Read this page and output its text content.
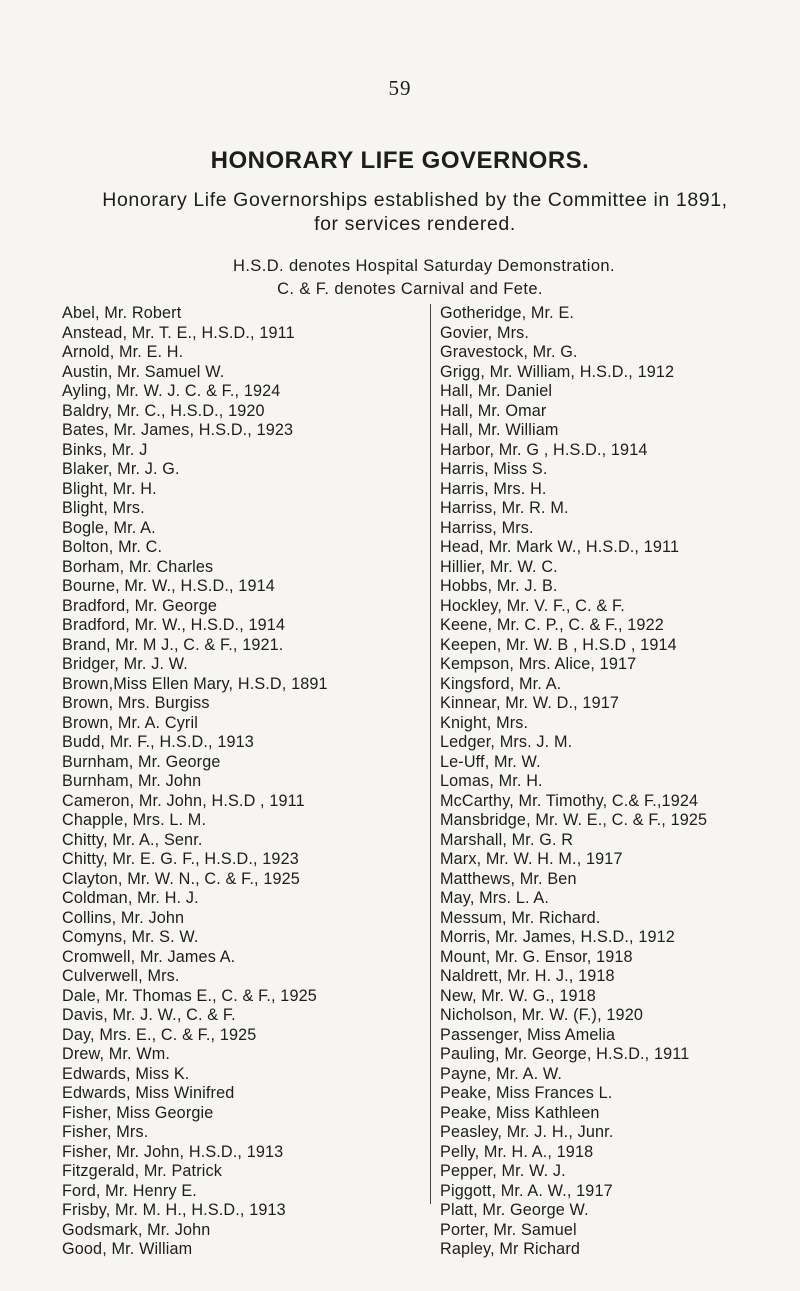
59
HONORARY LIFE GOVERNORS.
Honorary Life Governorships established by the Committee in 1891, for services rendered.
H.S.D. denotes Hospital Saturday Demonstration.
C. & F. denotes Carnival and Fete.
Abel, Mr. Robert
Anstead, Mr. T. E., H.S.D., 1911
Arnold, Mr. E. H.
Austin, Mr. Samuel W.
Ayling, Mr. W. J. C. & F., 1924
Baldry, Mr. C., H.S.D., 1920
Bates, Mr. James, H.S.D., 1923
Binks, Mr. J
Blaker, Mr. J. G.
Blight, Mr. H.
Blight, Mrs.
Bogle, Mr. A.
Bolton, Mr. C.
Borham, Mr. Charles
Bourne, Mr. W., H.S.D., 1914
Bradford, Mr. George
Bradford, Mr. W., H.S.D., 1914
Brand, Mr. M J., C. & F., 1921.
Bridger, Mr. J. W.
Brown,Miss Ellen Mary, H.S.D, 1891
Brown, Mrs. Burgiss
Brown, Mr. A. Cyril
Budd, Mr. F., H.S.D., 1913
Burnham, Mr. George
Burnham, Mr. John
Cameron, Mr. John, H.S.D , 1911
Chapple, Mrs. L. M.
Chitty, Mr. A., Senr.
Chitty, Mr. E. G. F., H.S.D., 1923
Clayton, Mr. W. N., C. & F., 1925
Coldman, Mr. H. J.
Collins, Mr. John
Comyns, Mr. S. W.
Cromwell, Mr. James A.
Culverwell, Mrs.
Dale, Mr. Thomas E., C. & F., 1925
Davis, Mr. J. W., C. & F.
Day, Mrs. E., C. & F., 1925
Drew, Mr. Wm.
Edwards, Miss K.
Edwards, Miss Winifred
Fisher, Miss Georgie
Fisher, Mrs.
Fisher, Mr. John, H.S.D., 1913
Fitzgerald, Mr. Patrick
Ford, Mr. Henry E.
Frisby, Mr. M. H., H.S.D., 1913
Godsmark, Mr. John
Good, Mr. William
Gotheridge, Mr. E.
Govier, Mrs.
Gravestock, Mr. G.
Grigg, Mr. William, H.S.D., 1912
Hall, Mr. Daniel
Hall, Mr. Omar
Hall, Mr. William
Harbor, Mr. G , H.S.D., 1914
Harris, Miss S.
Harris, Mrs. H.
Harriss, Mr. R. M.
Harriss, Mrs.
Head, Mr. Mark W., H.S.D., 1911
Hillier, Mr. W. C.
Hobbs, Mr. J. B.
Hockley, Mr. V. F., C. & F.
Keene, Mr. C. P., C. & F., 1922
Keepen, Mr. W. B , H.S.D , 1914
Kempson, Mrs. Alice, 1917
Kingsford, Mr. A.
Kinnear, Mr. W. D., 1917
Knight, Mrs.
Ledger, Mrs. J. M.
Le-Uff, Mr. W.
Lomas, Mr. H.
McCarthy, Mr. Timothy, C.& F.,1924
Mansbridge, Mr. W. E., C. & F., 1925
Marshall, Mr. G. R
Marx, Mr. W. H. M., 1917
Matthews, Mr. Ben
May, Mrs. L. A.
Messum, Mr. Richard.
Morris, Mr. James, H.S.D., 1912
Mount, Mr. G. Ensor, 1918
Naldrett, Mr. H. J., 1918
New, Mr. W. G., 1918
Nicholson, Mr. W. (F.), 1920
Passenger, Miss Amelia
Pauling, Mr. George, H.S.D., 1911
Payne, Mr. A. W.
Peake, Miss Frances L.
Peake, Miss Kathleen
Peasley, Mr. J. H., Junr.
Pelly, Mr. H. A., 1918
Pepper, Mr. W. J.
Piggott, Mr. A. W., 1917
Platt, Mr. George W.
Porter, Mr. Samuel
Rapley, Mr Richard
